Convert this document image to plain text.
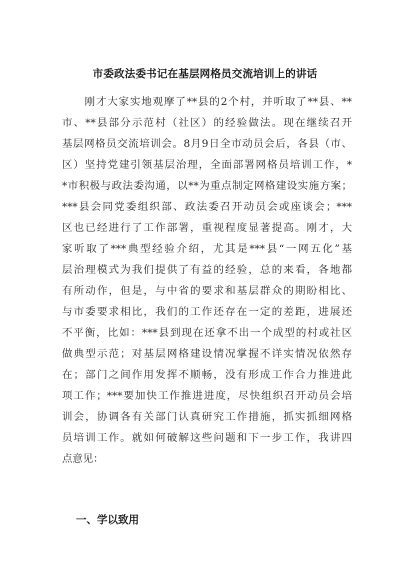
市委政法委书记在基层网格员交流培训上的讲话
　　刚才大家实地观摩了**县的2个村，并听取了**县、**
市、**县部分示范村（社区）的经验做法。现在继续召开
基层网格员交流培训会。8月9日全市动员会后，各县（市、
区）坚持党建引领基层治理，全面部署网格员培训工作，*
*市积极与政法委沟通，以**为重点制定网格建设实施方案；
***县会同党委组织部、政法委召开动员会或座谈会；***
区也已经进行了工作部署，重视程度显著提高。刚才，大
家听取了***典型经验介绍，尤其是***县“一网五化”基
层治理模式为我们提供了有益的经验，总的来看，各地都
有所动作，但是，与中省的要求和基层群众的期盼相比、
与市委要求相比，我们的工作还存在一定的差距，进展还
不平衡，比如：***县到现在还拿不出一个成型的村或社区
做典型示范；对基层网格建设情况掌握不详实情况依然存
在；部门之间作用发挥不顺畅，没有形成工作合力推进此
项工作；***要加快工作推进进度，尽快组织召开动员会培
训会，协调各有关部门认真研究工作措施，抓实抓细网格
员培训工作。就如何破解这些问题和下一步工作，我讲四
点意见：
一、学以致用
